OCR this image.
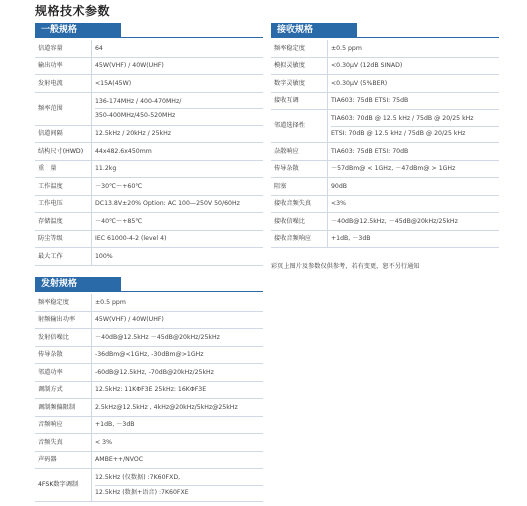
规格技术参数
一般规格
信道容量	64
输出功率	45W(VHF) / 40W(UHF)
发射电流	<15A(45W)
频率范围
136-174MHz / 400-470MHz/
350-400MHz/450-520MHz
信道间隔	12.5kHz / 20kHz / 25kHz
结构尺寸(HWD)	44x482.6x450mm
重　量	11.2kg
工作温度	－30℃～+60℃
工作电压	DC13.8V±20% Option: AC 100—250V 50/60Hz
存储温度	－40℃～+85℃
防尘等级	IEC 61000-4-2 (level 4)
最大工作	100%
发射规格
频率稳定度	±0.5 ppm
射频输出功率	45W(VHF) / 40W(UHF)
发射倍噪比	－40dB@12.5kHz －45dB@20kHz/25kHz
传导杂散	-36dBm@<1GHz, -30dBm@>1GHz
邻道功率	-60dB@12.5kHz, -70dB@20kHz/25kHz
调制方式	12.5kHz: 11KΦF3E 25kHz: 16KΦF3E
调制频偏限制	2.5kHz@12.5kHz , 4kHz@20kHz/5kHz@25kHz
音频响应	+1dB, －3dB
音频失真	< 3%
声码器	AMBE++/NVOC
4FSK数字调制
12.5kHz (仅数据) :7K60FXD,
12.5kHz (数据+语音) :7K60FXE
接收规格
频率稳定度	±0.5 ppm
模拟灵敏度	<0.30μV (12dB SINAD)
数字灵敏度	<0.30μV (5%BER)
接收互调	TIA603: 75dB ETSI: 75dB
邻道选择性
TIA603: 70dB @ 12.5 kHz / 75dB @ 20/25 kHz
ETSI: 70dB @ 12.5 kHz / 75dB @ 20/25 kHz
杂散响应	TIA603: 75dB ETSI: 70dB
传导杂散	－57dBm@ < 1GHz, －47dBm@ > 1GHz
阻塞	90dB
接收音频失真	<3%
接收信噪比	－40dB@12.5kHz, －45dB@20kHz/25kHz
接收音频响应	+1dB, －3dB
彩页上图片及参数仅供参考，若有变更，恕不另行通知
